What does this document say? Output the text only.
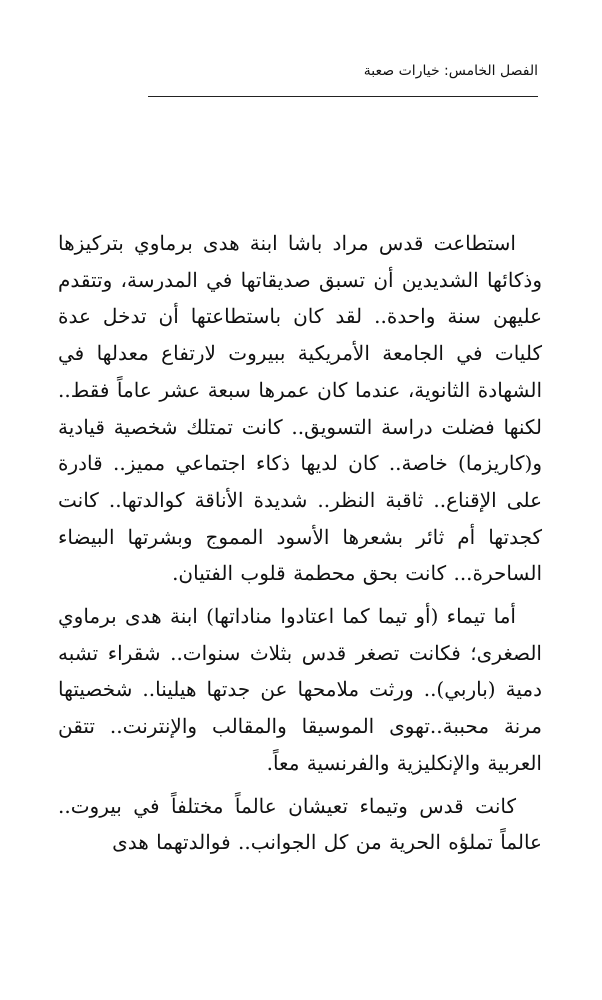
الفصل الخامس: خيارات صعبة

استطاعت قدس مراد باشا ابنة هدى برماوي بتركيزها وذكائها الشديدين أن تسبق صديقاتها في المدرسة، وتتقدم عليهن سنة واحدة.. لقد كان باستطاعتها أن تدخل عدة كليات في الجامعة الأمريكية ببيروت لارتفاع معدلها في الشهادة الثانوية، عندما كان عمرها سبعة عشر عاماً فقط.. لكنها فضلت دراسة التسويق.. كانت تمتلك شخصية قيادية و(كاريزما) خاصة.. كان لديها ذكاء اجتماعي مميز.. قادرة على الإقناع.. ثاقبة النظر.. شديدة الأناقة كوالدتها.. كانت كجدتها أم ثائر بشعرها الأسود المموج وبشرتها البيضاء الساحرة... كانت بحق محطمة قلوب الفتيان.

أما تيماء (أو تيما كما اعتادوا مناداتها) ابنة هدى برماوي الصغرى؛ فكانت تصغر قدس بثلاث سنوات.. شقراء تشبه دمية (باربي).. ورثت ملامحها عن جدتها هيلينا.. شخصيتها مرنة محببة..تهوى الموسيقا والمقالب والإنترنت.. تتقن العربية والإنكليزية والفرنسية معاً.

كانت قدس وتيماء تعيشان عالماً مختلفاً في بيروت.. عالماً تملؤه الحرية من كل الجوانب.. فوالدتهما هدى
